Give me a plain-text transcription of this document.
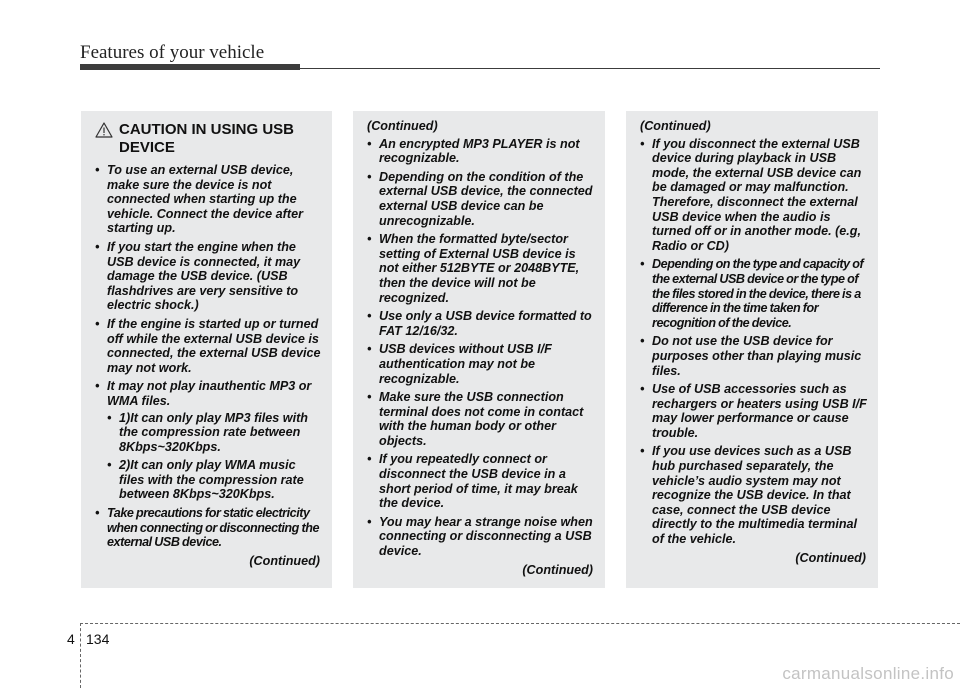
Features of your vehicle
CAUTION IN USING USB DEVICE
• To use an external USB device, make sure the device is not connected when starting up the vehicle. Connect the device after starting up.
• If you start the engine when the USB device is connected, it may damage the USB device. (USB flashdrives are very sensitive to electric shock.)
• If the engine is started up or turned off while the external USB device is connected, the external USB device may not work.
• It may not play inauthentic MP3 or WMA files.
• 1)It can only play MP3 files with the compression rate between 8Kbps~320Kbps.
• 2)It can only play WMA music files with the compression rate between 8Kbps~320Kbps.
• Take precautions for static electricity when connecting or disconnecting the external USB device.
(Continued)
(Continued)
• An encrypted MP3 PLAYER is not recognizable.
• Depending on the condition of the external USB device, the connected external USB device can be unrecognizable.
• When the formatted byte/sector setting of External USB device is not either 512BYTE or 2048BYTE, then the device will not be recognized.
• Use only a USB device formatted to FAT 12/16/32.
• USB devices without USB I/F authentication may not be recognizable.
• Make sure the USB connection terminal does not come in contact with the human body or other objects.
• If you repeatedly connect or disconnect the USB device in a short period of time, it may break the device.
• You may hear a strange noise when connecting or disconnecting a USB device.
(Continued)
(Continued)
• If you disconnect the external USB device during playback in USB mode, the external USB device can be damaged or may malfunction. Therefore, disconnect the external USB device when the audio is turned off or in another mode. (e.g, Radio or CD)
• Depending on the type and capacity of the external USB device or the type of the files stored in the device, there is a difference in the time taken for recognition of the device.
• Do not use the USB device for purposes other than playing music files.
• Use of USB accessories such as rechargers or heaters using USB I/F may lower performance or cause trouble.
• If you use devices such as a USB hub purchased separately, the vehicle’s audio system may not recognize the USB device. In that case, connect the USB device directly to the multimedia terminal of the vehicle.
(Continued)
4 134
carmanualsonline.info
